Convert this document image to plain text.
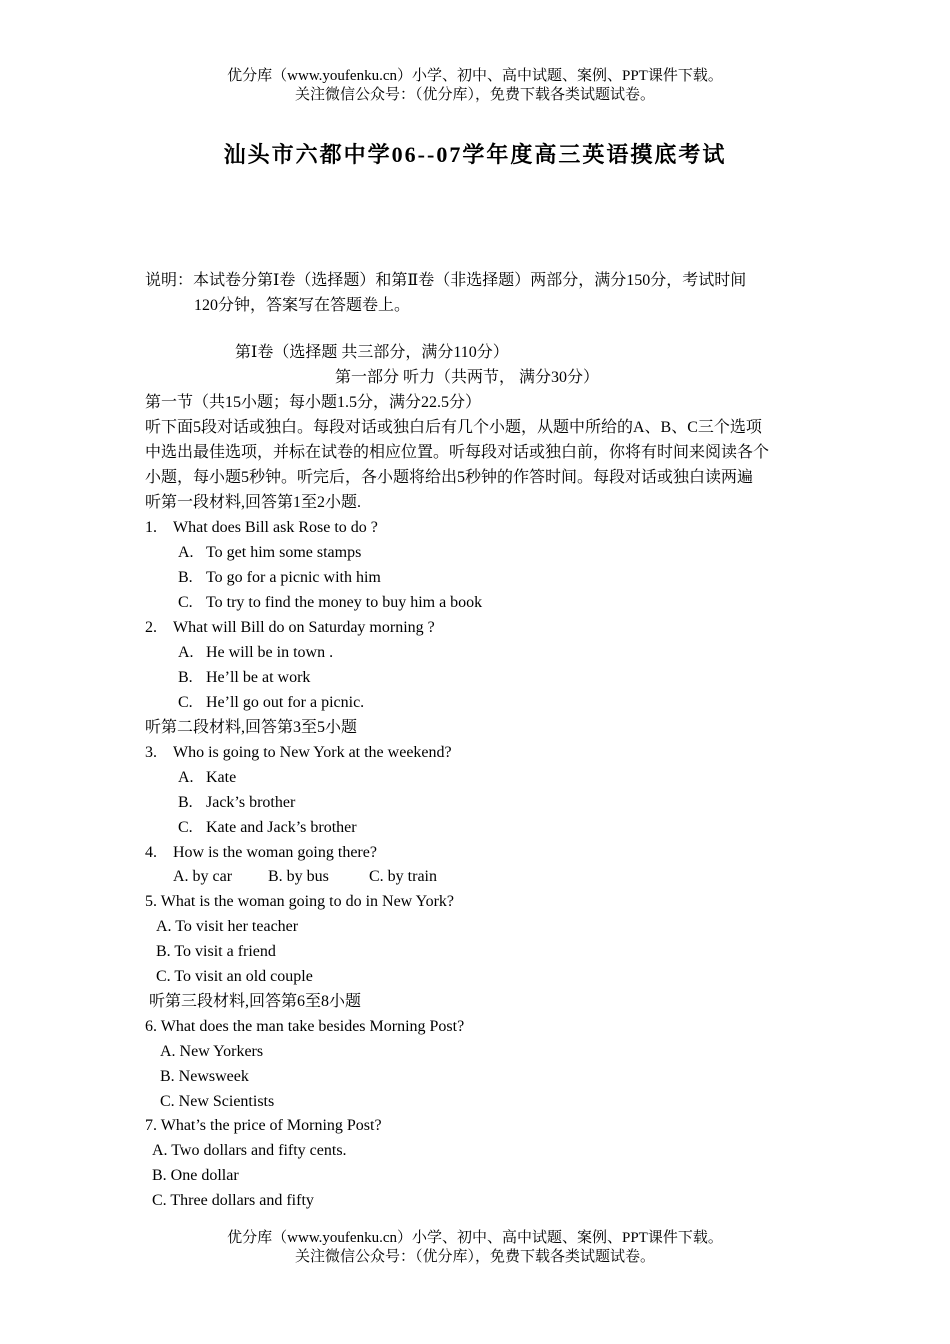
优分库（www.youfenku.cn）小学、初中、高中试题、案例、PPT课件下载。
关注微信公众号：（优分库），免费下载各类试题试卷。
汕头市六都中学06--07学年度高三英语摸底考试
说明：本试卷分第Ⅰ卷（选择题）和第Ⅱ卷（非选择题）两部分，满分150分，考试时间
120分钟，答案写在答题卷上。
第Ⅰ卷（选择题 共三部分，满分110分）
第一部分 听力（共两节， 满分30分）
第一节（共15小题；每小题1.5分，满分22.5分）
听下面5段对话或独白。每段对话或独白后有几个小题，从题中所给的A、B、C三个选项
中选出最佳选项，并标在试卷的相应位置。听每段对话或独白前，你将有时间来阅读各个
小题，每小题5秒钟。听完后，各小题将给出5秒钟的作答时间。每段对话或独白读两遍
听第一段材料,回答第1至2小题.
1. What does Bill ask Rose to do ?
A. To get him some stamps
B. To go for a picnic with him
C. To try to find the money to buy him a book
2. What will Bill do on Saturday morning ?
A. He will be in town .
B. He’ll be at work
C. He’ll go out for a picnic.
听第二段材料,回答第3至5小题
3. Who is going to New York at the weekend?
A. Kate
B. Jack’s brother
C. Kate and Jack’s brother
4. How is the woman going there?
A. by car B. by bus	C. by train
5. What is the woman going to do in New York?
A. To visit her teacher
B. To visit a friend
C. To visit an old couple
听第三段材料,回答第6至8小题
6. What does the man take besides Morning Post?
A. New Yorkers
B. Newsweek
C. New Scientists
7. What’s the price of Morning Post?
A. Two dollars and fifty cents.
B. One dollar
C. Three dollars and fifty
优分库（www.youfenku.cn）小学、初中、高中试题、案例、PPT课件下载。
关注微信公众号：（优分库），免费下载各类试题试卷。
